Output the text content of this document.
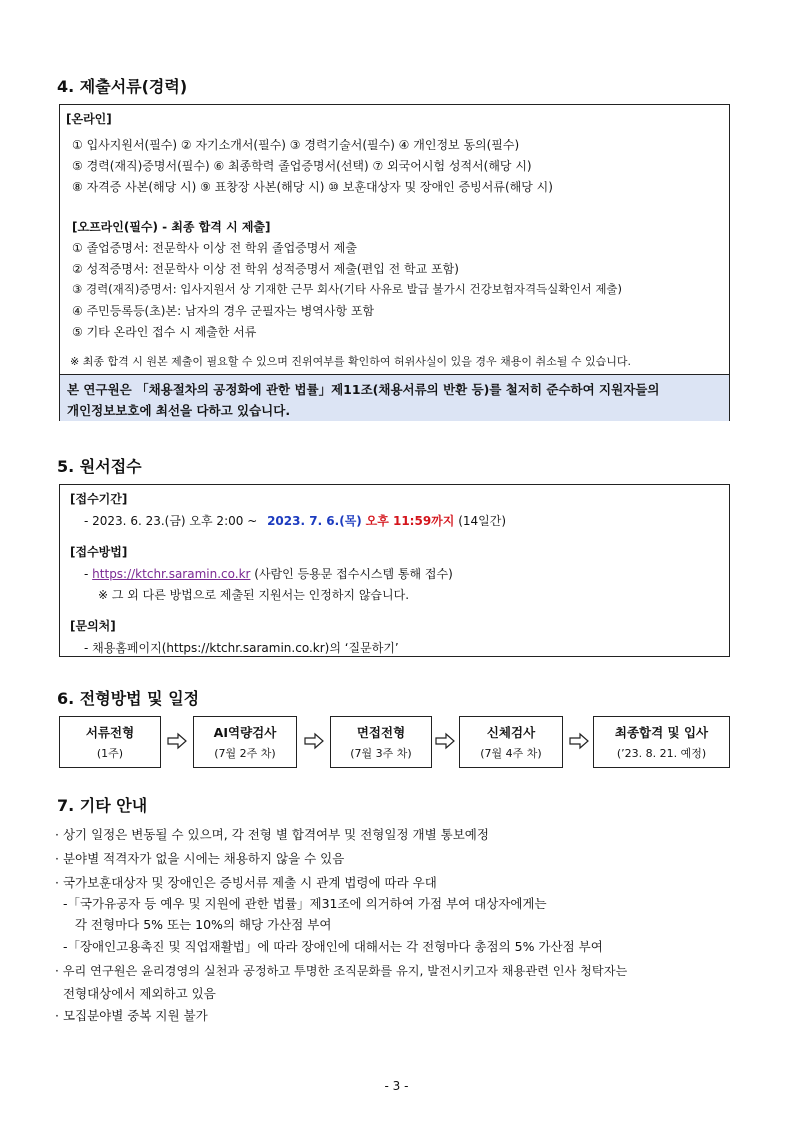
4. 제출서류(경력)
[온라인]
① 입사지원서(필수) ② 자기소개서(필수) ③ 경력기술서(필수) ④ 개인정보 동의(필수)
⑤ 경력(재직)증명서(필수) ⑥ 최종학력 졸업증명서(선택) ⑦ 외국어시험 성적서(해당 시)
⑧ 자격증 사본(해당 시) ⑨ 표창장 사본(해당 시) ⑩ 보훈대상자 및 장애인 증빙서류(해당 시)
[오프라인(필수) - 최종 합격 시 제출]
① 졸업증명서: 전문학사 이상 전 학위 졸업증명서 제출
② 성적증명서: 전문학사 이상 전 학위 성적증명서 제출(편입 전 학교 포함)
③ 경력(재직)증명서: 입사지원서 상 기재한 근무 회사(기타 사유로 발급 불가시 건강보험자격득실확인서 제출)
④ 주민등록등(초)본: 남자의 경우 군필자는 병역사항 포함
⑤ 기타 온라인 접수 시 제출한 서류
※ 최종 합격 시 원본 제출이 필요할 수 있으며 진위여부를 확인하여 허위사실이 있을 경우 채용이 취소될 수 있습니다.
본 연구원은 「채용절차의 공정화에 관한 법률」제11조(채용서류의 반환 등)를 철저히 준수하여 지원자들의
개인정보보호에 최선을 다하고 있습니다.
5. 원서접수
[접수기간]
- 2023. 6. 23.(금) 오후 2:00 ~ 2023. 7. 6.(목) 오후 11:59까지 (14일간)
[접수방법]
- https://ktchr.saramin.co.kr (사람인 등용문 접수시스템 통해 접수)
※ 그 외 다른 방법으로 제출된 지원서는 인정하지 않습니다.
[문의처]
- 채용홈페이지(https://ktchr.saramin.co.kr)의 ‘질문하기’
6. 전형방법 및 일정
서류전형
(1주)
AI역량검사
(7월 2주 차)
면접전형
(7월 3주 차)
신체검사
(7월 4주 차)
최종합격 및 입사
(’23. 8. 21. 예정)
7. 기타 안내
· 상기 일정은 변동될 수 있으며, 각 전형 별 합격여부 및 전형일정 개별 통보예정
· 분야별 적격자가 없을 시에는 채용하지 않을 수 있음
· 국가보훈대상자 및 장애인은 증빙서류 제출 시 관계 법령에 따라 우대
-「국가유공자 등 예우 및 지원에 관한 법률」제31조에 의거하여 가점 부여 대상자에게는
각 전형마다 5% 또는 10%의 해당 가산점 부여
-「장애인고용촉진 및 직업재활법」에 따라 장애인에 대해서는 각 전형마다 총점의 5% 가산점 부여
· 우리 연구원은 윤리경영의 실천과 공정하고 투명한 조직문화를 유지, 발전시키고자 채용관련 인사 청탁자는
전형대상에서 제외하고 있음
· 모집분야별 중복 지원 불가
- 3 -
